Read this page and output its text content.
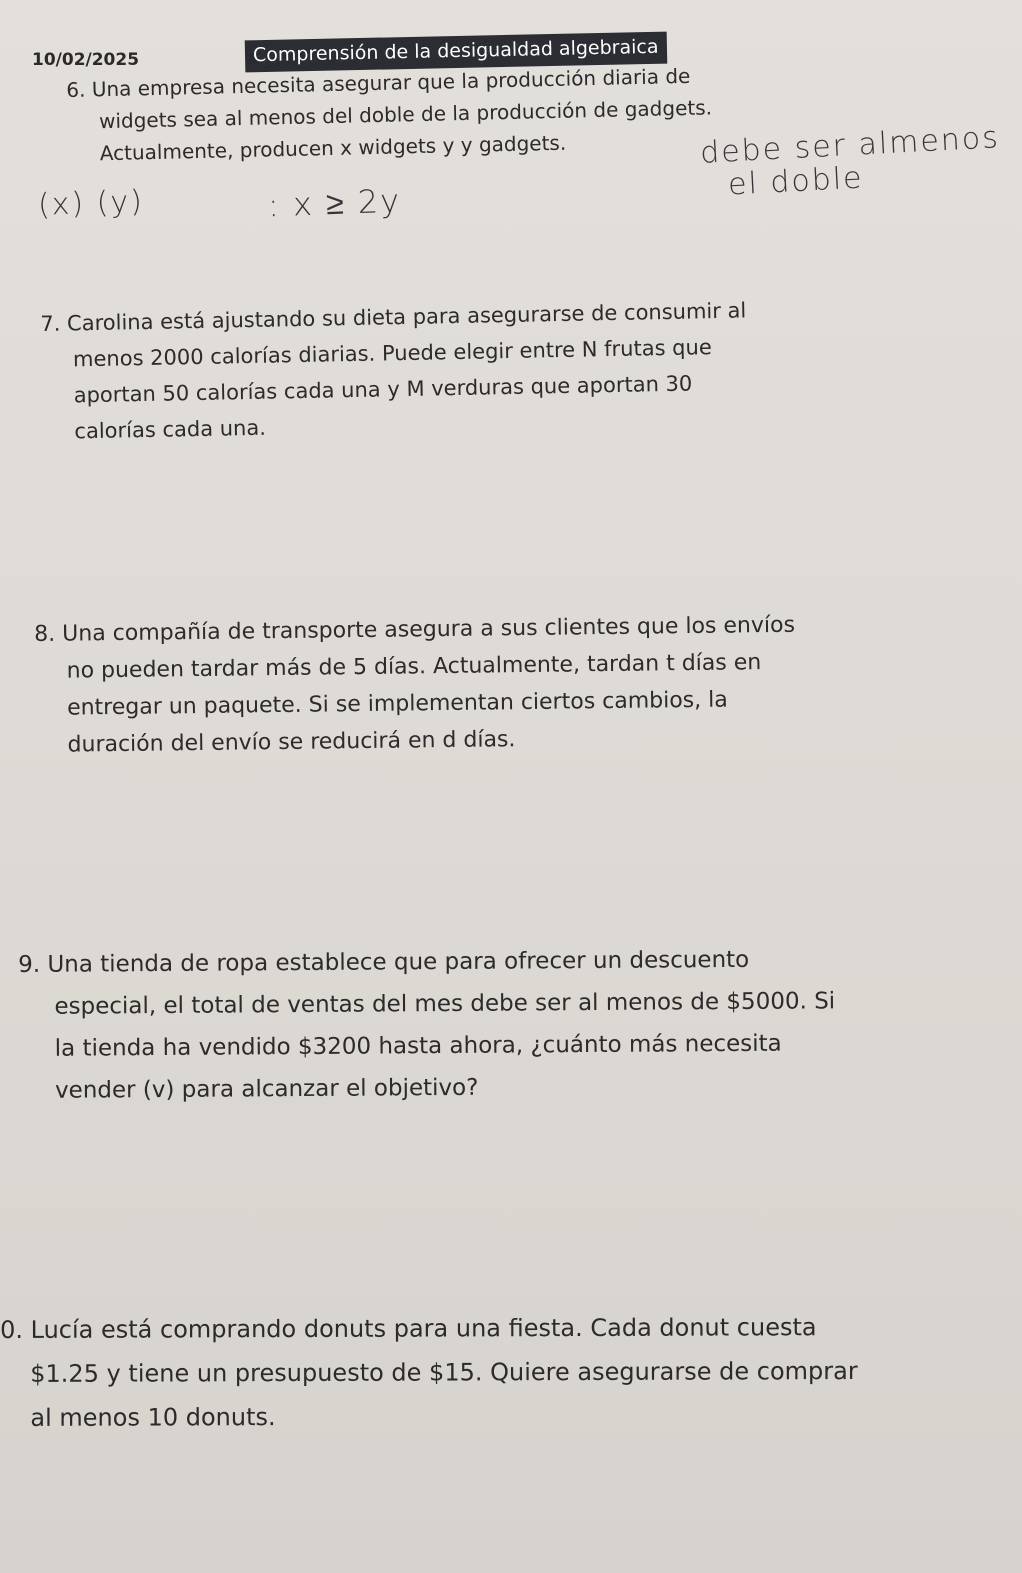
10/02/2025	Comprensión de la desigualdad algebraica
6. Una empresa necesita asegurar que la producción diaria de
widgets sea al menos del doble de la producción de gadgets.
Actualmente, producen x widgets y y gadgets.	debe ser almenos
el doble
(x) (y)	: x ≥ 2y
7. Carolina está ajustando su dieta para asegurarse de consumir al
menos 2000 calorías diarias. Puede elegir entre N frutas que
aportan 50 calorías cada una y M verduras que aportan 30
calorías cada una.
8. Una compañía de transporte asegura a sus clientes que los envíos
no pueden tardar más de 5 días. Actualmente, tardan t días en
entregar un paquete. Si se implementan ciertos cambios, la
duración del envío se reducirá en d días.
9. Una tienda de ropa establece que para ofrecer un descuento
especial, el total de ventas del mes debe ser al menos de $5000. Si
la tienda ha vendido $3200 hasta ahora, ¿cuánto más necesita
vender (v) para alcanzar el objetivo?
0. Lucía está comprando donuts para una fiesta. Cada donut cuesta
$1.25 y tiene un presupuesto de $15. Quiere asegurarse de comprar
al menos 10 donuts.
